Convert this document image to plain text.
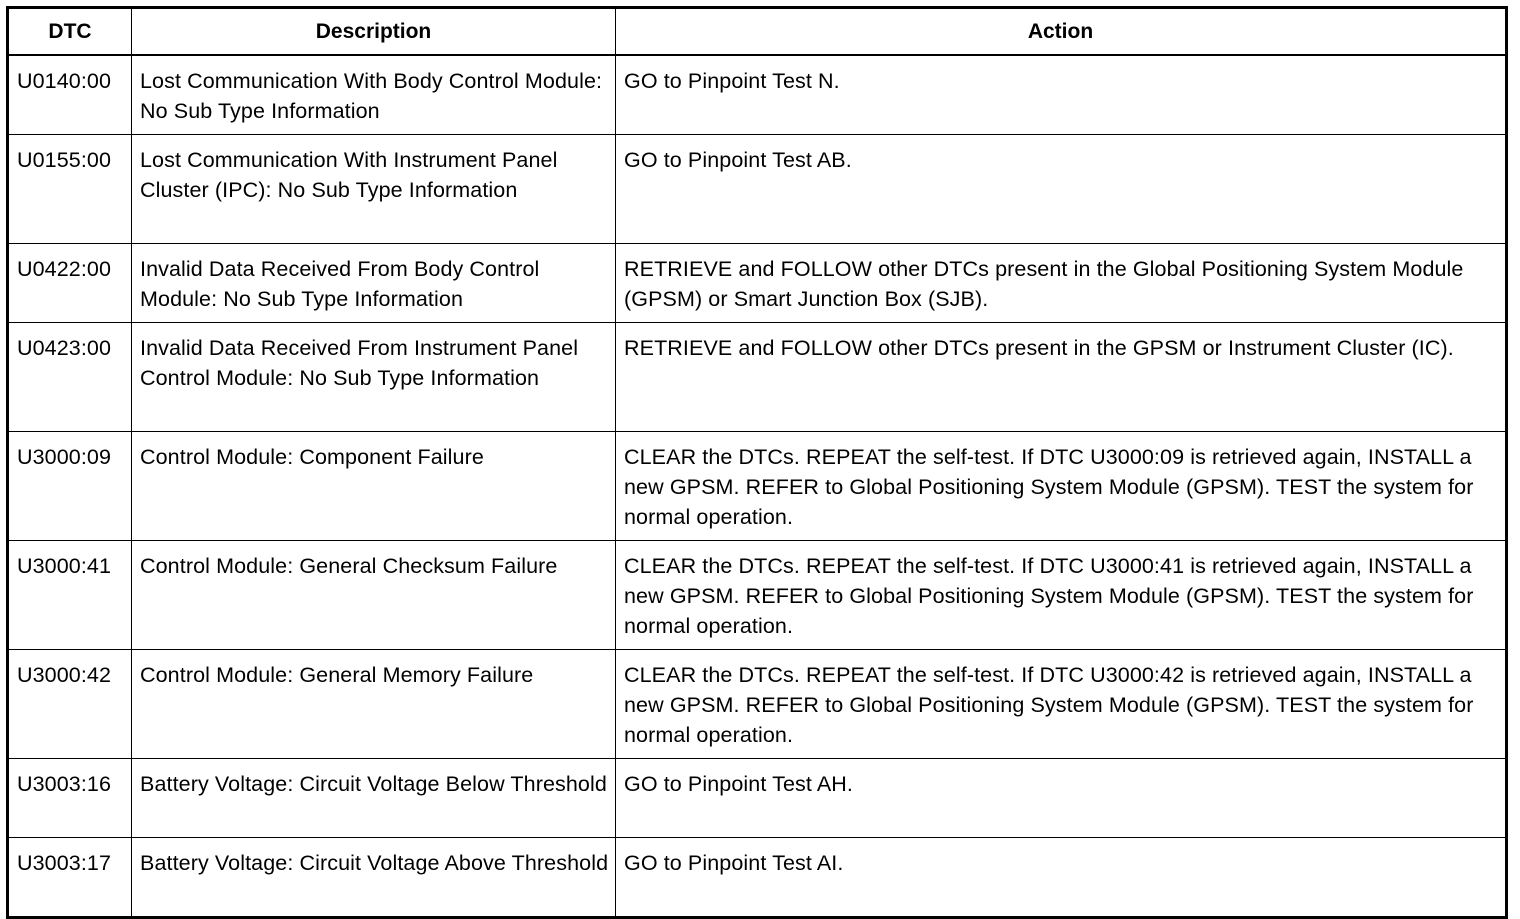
DTC	Description	Action
U0140:00	Lost Communication With Body Control Module: No Sub Type Information	GO to Pinpoint Test N.
U0155:00	Lost Communication With Instrument Panel Cluster (IPC): No Sub Type Information	GO to Pinpoint Test AB.
U0422:00	Invalid Data Received From Body Control Module: No Sub Type Information	RETRIEVE and FOLLOW other DTCs present in the Global Positioning System Module (GPSM) or Smart Junction Box (SJB).
U0423:00	Invalid Data Received From Instrument Panel Control Module: No Sub Type Information	RETRIEVE and FOLLOW other DTCs present in the GPSM or Instrument Cluster (IC).
U3000:09	Control Module: Component Failure	CLEAR the DTCs. REPEAT the self-test. If DTC U3000:09 is retrieved again, INSTALL a new GPSM. REFER to Global Positioning System Module (GPSM). TEST the system for normal operation.
U3000:41	Control Module: General Checksum Failure	CLEAR the DTCs. REPEAT the self-test. If DTC U3000:41 is retrieved again, INSTALL a new GPSM. REFER to Global Positioning System Module (GPSM). TEST the system for normal operation.
U3000:42	Control Module: General Memory Failure	CLEAR the DTCs. REPEAT the self-test. If DTC U3000:42 is retrieved again, INSTALL a new GPSM. REFER to Global Positioning System Module (GPSM). TEST the system for normal operation.
U3003:16	Battery Voltage: Circuit Voltage Below Threshold	GO to Pinpoint Test AH.
U3003:17	Battery Voltage: Circuit Voltage Above Threshold	GO to Pinpoint Test AI.
